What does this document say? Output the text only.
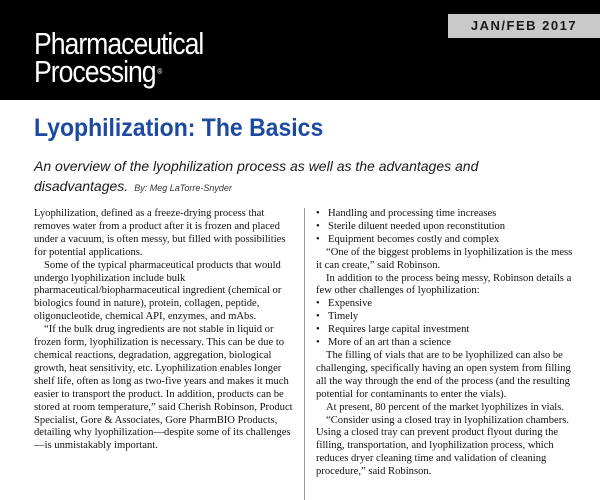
JAN/FEB 2017
Pharmaceutical
Processing ®
Lyophilization: The Basics

An overview of the lyophilization process as well as the advantages and disadvantages. By: Meg LaTorre-Snyder

Lyophilization, defined as a freeze-drying process that removes water from a product after it is frozen and placed under a vacuum, is often messy, but filled with possibilities for potential applications.

Some of the typical pharmaceutical products that would undergo lyophilization include bulk pharmaceutical/biopharmaceutical ingredient (chemical or biologics found in nature), protein, collagen, peptide, oligonucleotide, chemical API, enzymes, and mAbs.

“If the bulk drug ingredients are not stable in liquid or frozen form, lyophilization is necessary. This can be due to chemical reactions, degradation, aggregation, biological growth, heat sensitivity, etc. Lyophilization enables longer shelf life, often as long as two-five years and makes it much easier to transport the product. In addition, products can be stored at room temperature,” said Cherish Robinson, Product Specialist, Gore & Associates, Gore PharmBIO Products, detailing why lyophilization—despite some of its challenges—is unmistakably important.

• Handling and processing time increases
• Sterile diluent needed upon reconstitution
• Equipment becomes costly and complex

“One of the biggest problems in lyophilization is the mess it can create,” said Robinson.

In addition to the process being messy, Robinson details a few other challenges of lyophilization:

• Expensive
• Timely
• Requires large capital investment
• More of an art than a science

The filling of vials that are to be lyophilized can also be challenging, specifically having an open system from filling all the way through the end of the process (and the resulting potential for contaminants to enter the vials).

At present, 80 percent of the market lyophilizes in vials.

“Consider using a closed tray in lyophilization chambers. Using a closed tray can prevent product flyout during the filling, transportation, and lyophilization process, which reduces dryer cleaning time and validation of cleaning procedure,” said Robinson.
